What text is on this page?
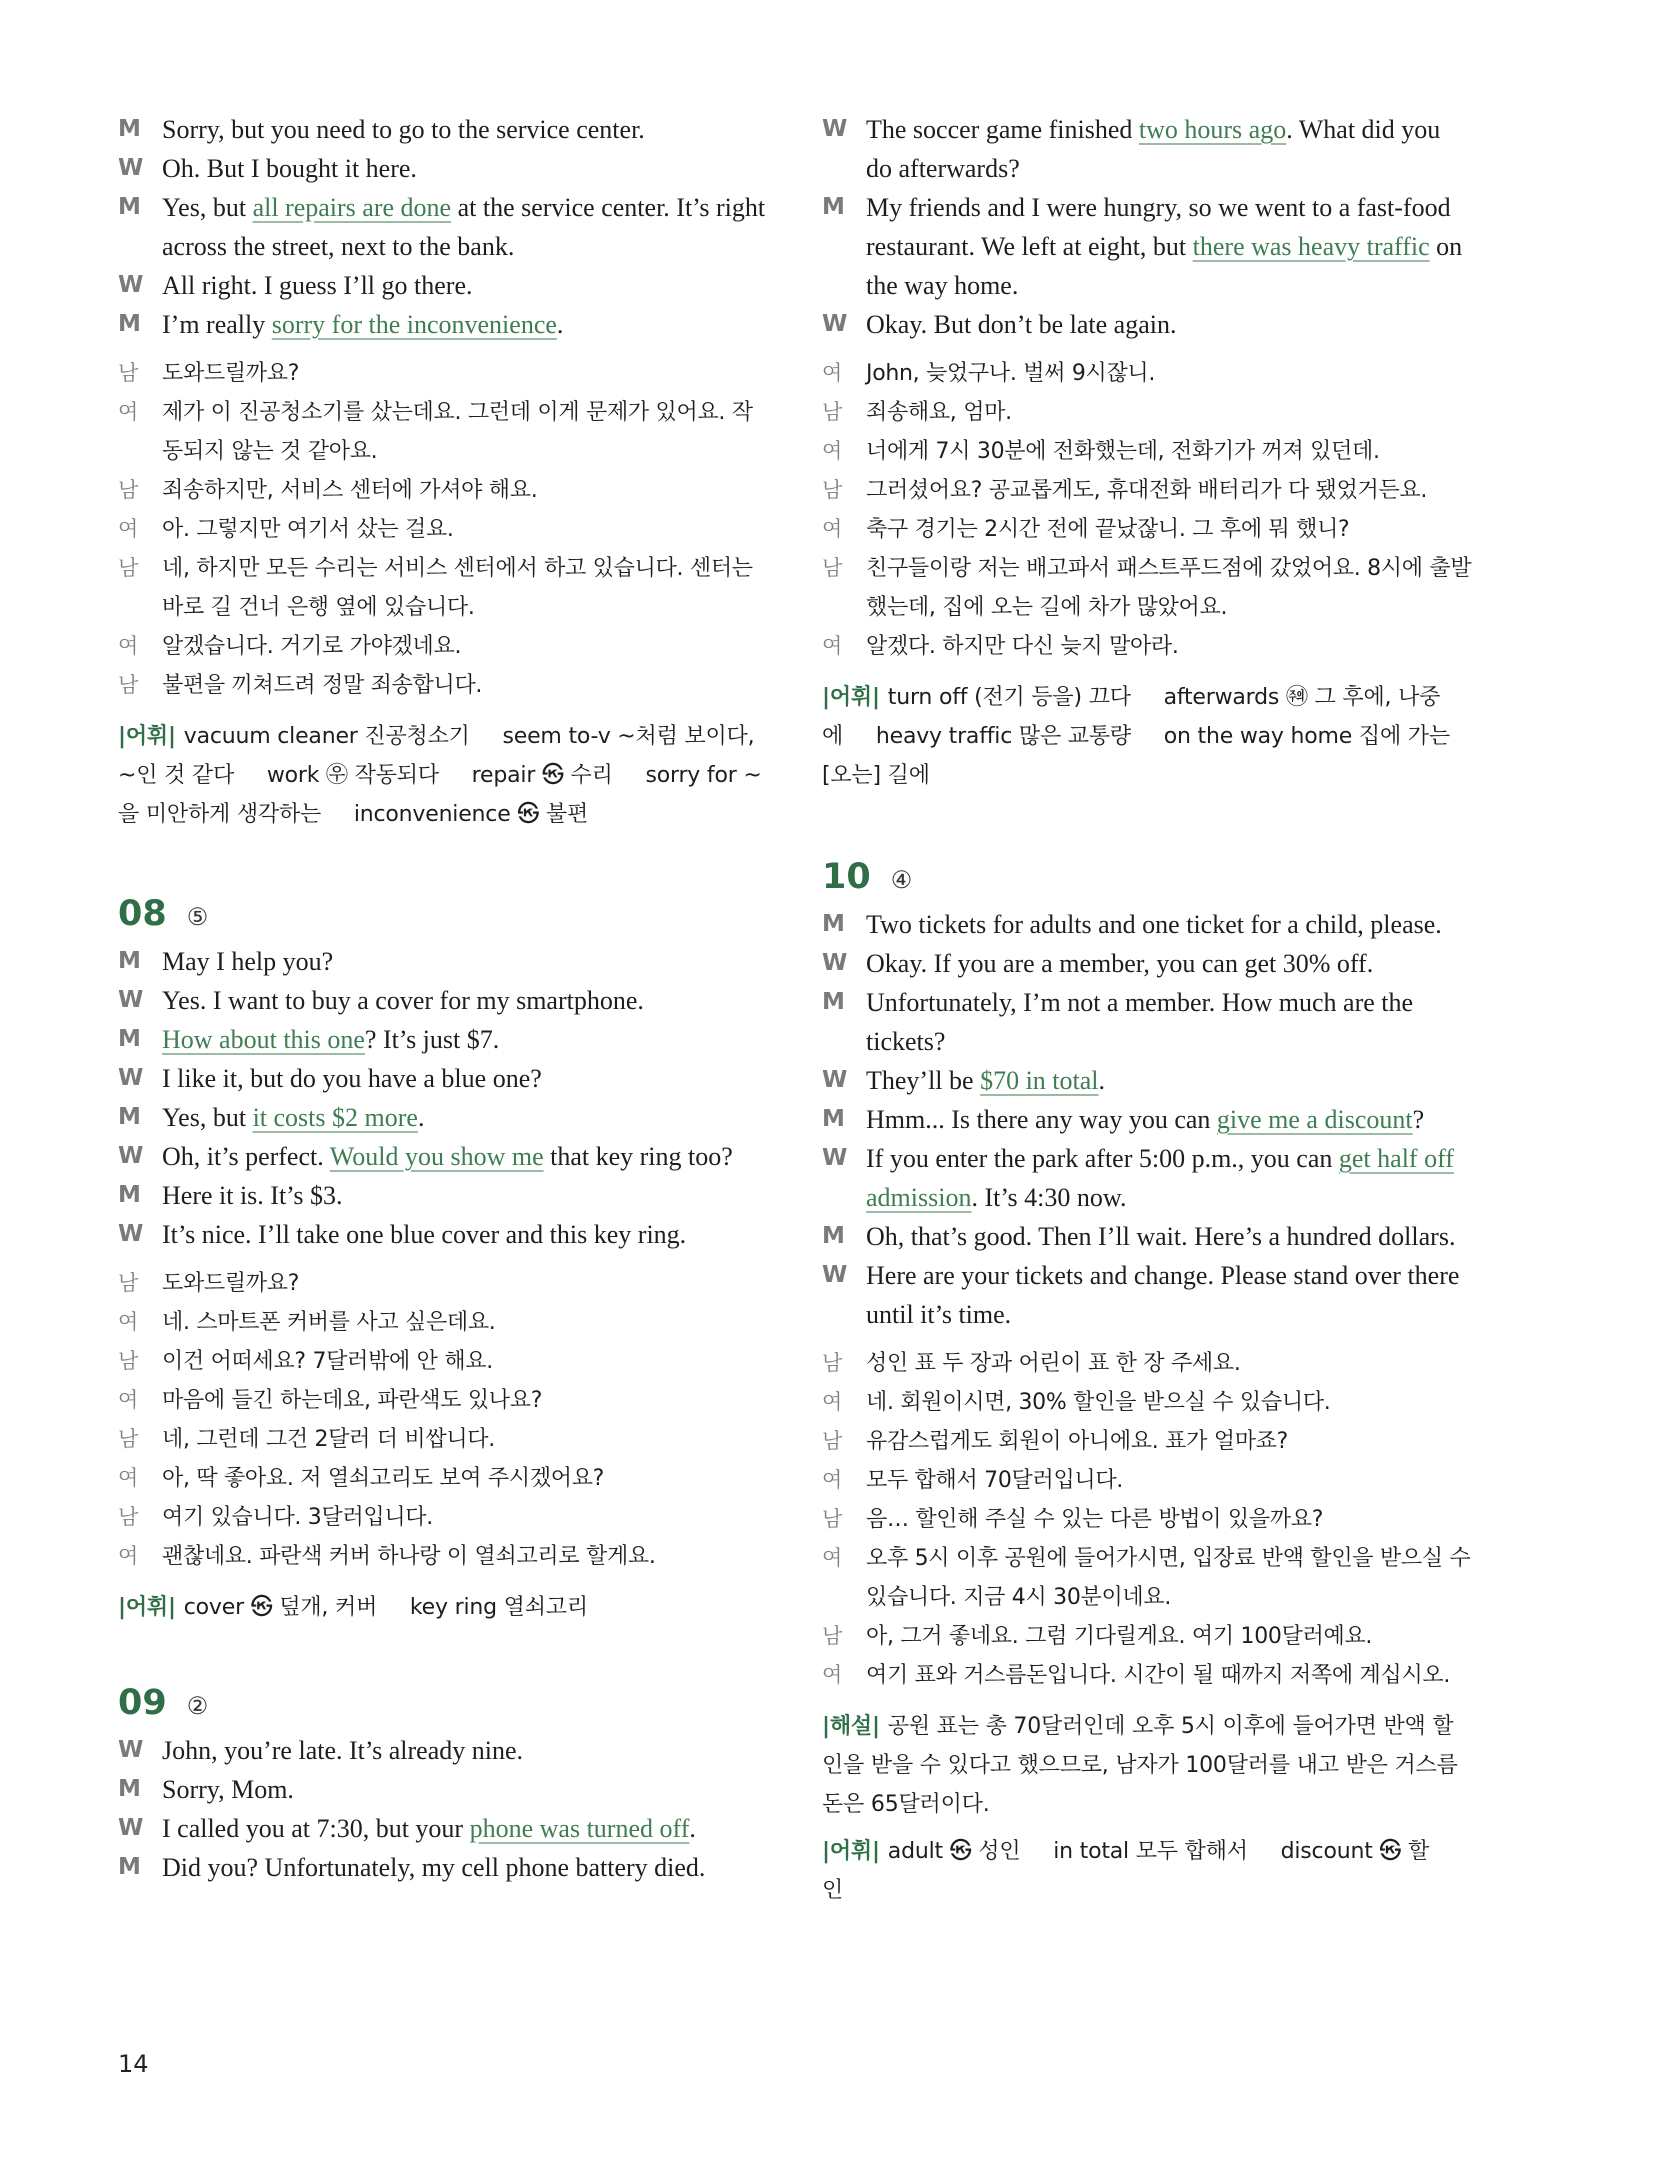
M Sorry, but you need to go to the service center.
W Oh. But I bought it here.
M Yes, but all repairs are done at the service center. It’s right across the street, next to the bank.
W All right. I guess I’ll go there.
M I’m really sorry for the inconvenience.
남	도와드릴까요?
여	제가 이 진공청소기를 샀는데요. 그런데 이게 문제가 있어요. 작동되지 않는 것 같아요.
남	죄송하지만, 서비스 센터에 가셔야 해요.
여	아. 그렇지만 여기서 샀는 걸요.
남	네, 하지만 모든 수리는 서비스 센터에서 하고 있습니다. 센터는 바로 길 건너 은행 옆에 있습니다.
여	알겠습니다. 거기로 가야겠네요.
남	불편을 끼쳐드려 정말 죄송합니다.
|어휘| vacuum cleaner 진공청소기 seem to-v ~처럼 보이다, ~인 것 같다 work ㉾ 작동되다 repair ㉿ 수리 sorry for ~을 미안하게 생각하는 inconvenience ㉿ 불편
08 ⑤
M May I help you?
W Yes. I want to buy a cover for my smartphone.
M How about this one? It’s just $7.
W I like it, but do you have a blue one?
M Yes, but it costs $2 more.
W Oh, it’s perfect. Would you show me that key ring too?
M Here it is. It’s $3.
W It’s nice. I’ll take one blue cover and this key ring.
남	도와드릴까요?
여	네. 스마트폰 커버를 사고 싶은데요.
남	이건 어떠세요? 7달러밖에 안 해요.
여	마음에 들긴 하는데요, 파란색도 있나요?
남	네, 그런데 그건 2달러 더 비쌉니다.
여	아, 딱 좋아요. 저 열쇠고리도 보여 주시겠어요?
남	여기 있습니다. 3달러입니다.
여	괜찮네요. 파란색 커버 하나랑 이 열쇠고리로 할게요.
|어휘| cover ㉿ 덮개, 커버 key ring 열쇠고리
09 ②
W John, you’re late. It’s already nine.
M Sorry, Mom.
W I called you at 7:30, but your phone was turned off.
M Did you? Unfortunately, my cell phone battery died.
W The soccer game finished two hours ago. What did you do afterwards?
M My friends and I were hungry, so we went to a fast-food restaurant. We left at eight, but there was heavy traffic on the way home.
W Okay. But don’t be late again.
여	John, 늦었구나. 벌써 9시잖니.
남	죄송해요, 엄마.
여	너에게 7시 30분에 전화했는데, 전화기가 꺼져 있던데.
남	그러셨어요? 공교롭게도, 휴대전화 배터리가 다 됐었거든요.
여	축구 경기는 2시간 전에 끝났잖니. 그 후에 뭐 했니?
남	친구들이랑 저는 배고파서 패스트푸드점에 갔었어요. 8시에 출발했는데, 집에 오는 길에 차가 많았어요.
여	알겠다. 하지만 다신 늦지 말아라.
|어휘| turn off (전기 등을) 끄다 afterwards ㉽ 그 후에, 나중에 heavy traffic 많은 교통량 on the way home 집에 가는[오는] 길에
10 ④
M Two tickets for adults and one ticket for a child, please.
W Okay. If you are a member, you can get 30% off.
M Unfortunately, I’m not a member. How much are the tickets?
W They’ll be $70 in total.
M Hmm... Is there any way you can give me a discount?
W If you enter the park after 5:00 p.m., you can get half off admission. It’s 4:30 now.
M Oh, that’s good. Then I’ll wait. Here’s a hundred dollars.
W Here are your tickets and change. Please stand over there until it’s time.
남	성인 표 두 장과 어린이 표 한 장 주세요.
여	네. 회원이시면, 30% 할인을 받으실 수 있습니다.
남	유감스럽게도 회원이 아니에요. 표가 얼마죠?
여	모두 합해서 70달러입니다.
남	음… 할인해 주실 수 있는 다른 방법이 있을까요?
여	오후 5시 이후 공원에 들어가시면, 입장료 반액 할인을 받으실 수 있습니다. 지금 4시 30분이네요.
남	아, 그거 좋네요. 그럼 기다릴게요. 여기 100달러예요.
여	여기 표와 거스름돈입니다. 시간이 될 때까지 저쪽에 계십시오.
|해설| 공원 표는 총 70달러인데 오후 5시 이후에 들어가면 반액 할인을 받을 수 있다고 했으므로, 남자가 100달러를 내고 받은 거스름돈은 65달러이다.
|어휘| adult ㉿ 성인 in total 모두 합해서 discount ㉿ 할인
14
